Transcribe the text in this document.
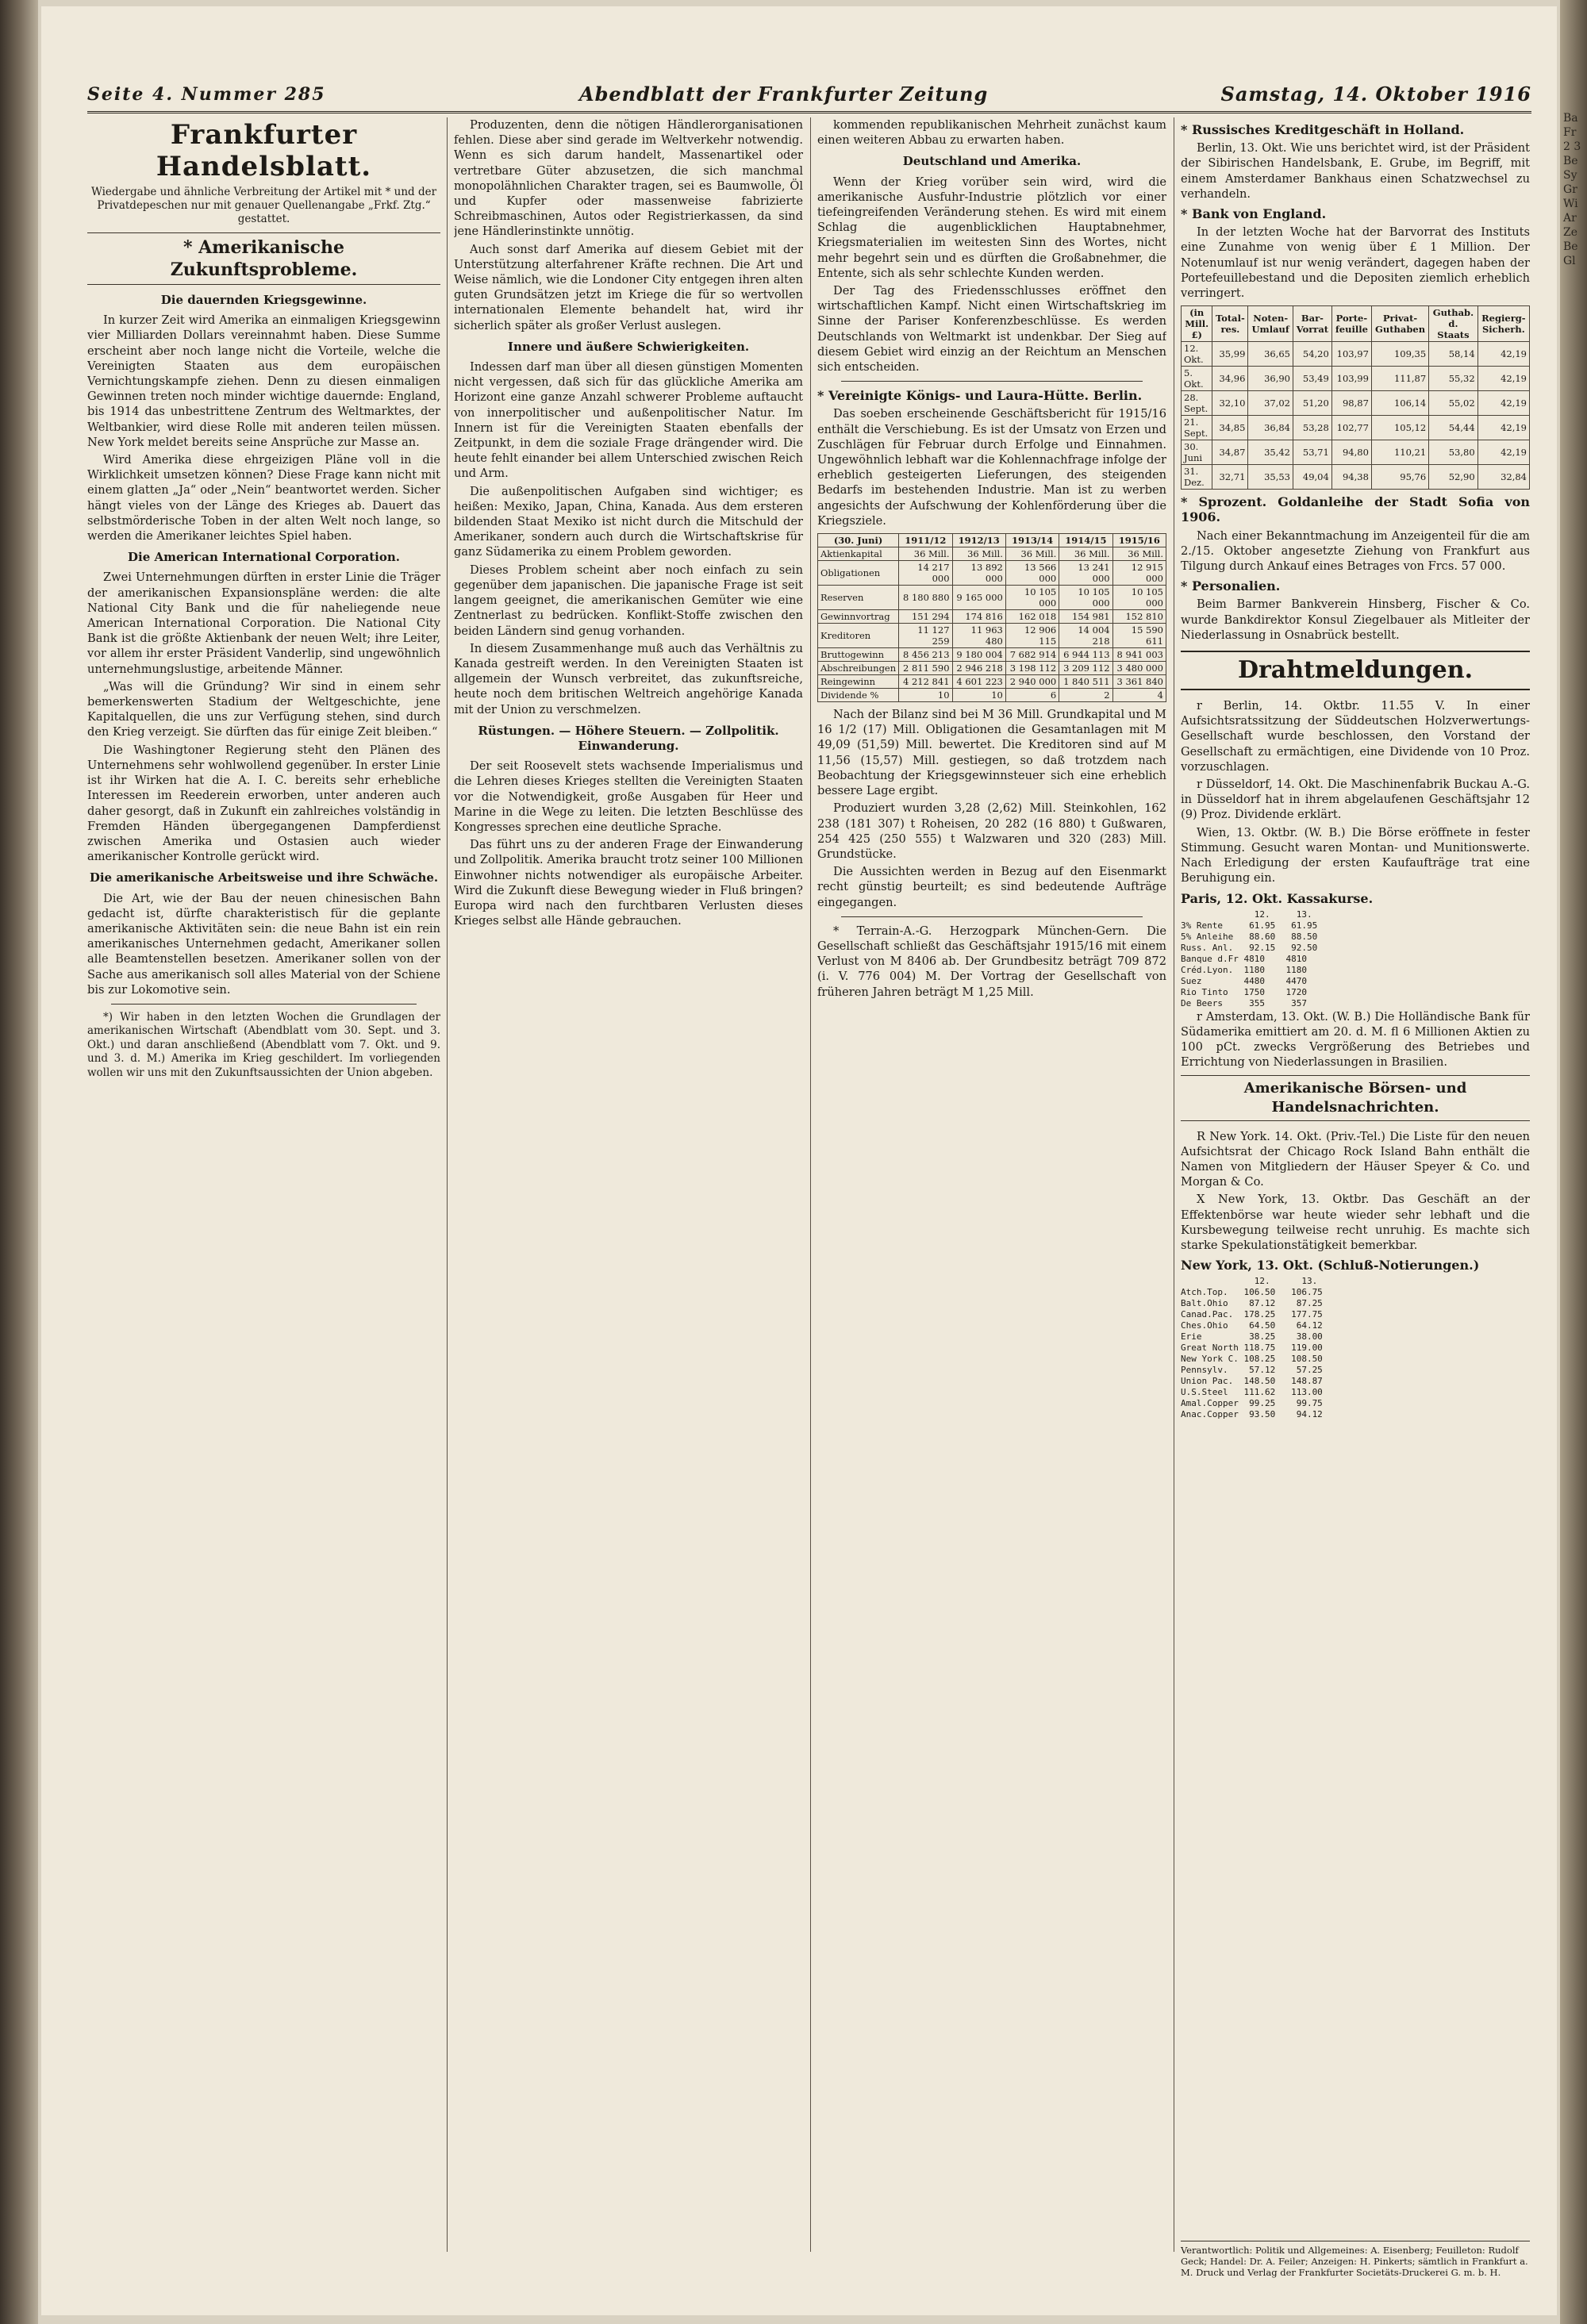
Seite 4. Nummer 285	Abendblatt der Frankfurter Zeitung	Samstag, 14. Oktober 1916
Frankfurter Handelsblatt.
Wiedergabe und ähnliche Verbreitung der Artikel mit * und der Privatdepeschen nur mit genauer Quellenangabe „Frkf. Ztg.“ gestattet.
* Amerikanische Zukunftsprobleme.
Die dauernden Kriegsgewinne.

In kurzer Zeit wird Amerika an einmaligen Kriegsgewinn vier Milliarden Dollars vereinnahmt haben. Diese Summe erscheint aber noch lange nicht die Vorteile, welche die Vereinigten Staaten aus dem europäischen Vernichtungskampfe ziehen. Denn zu diesen einmaligen Gewinnen treten noch minder wichtige dauernde: England, bis 1914 das unbestrittene Zentrum des Weltmarktes, der Weltbankier, wird diese Rolle mit anderen teilen müssen. New York meldet bereits seine Ansprüche zur Masse an.

Wird Amerika diese ehrgeizigen Pläne voll in die Wirklichkeit umsetzen können? Diese Frage kann nicht mit einem glatten „Ja“ oder „Nein“ beantwortet werden. Sicher hängt vieles von der Länge des Krieges ab. Dauert das selbstmörderische Toben in der alten Welt noch lange, so werden die Amerikaner leichtes Spiel haben.

Die American International Corporation.

Zwei Unternehmungen dürften in erster Linie die Träger der amerikanischen Expansionspläne werden: die alte National City Bank und die für naheliegende neue American International Corporation. Die National City Bank ist die größte Aktienbank der neuen Welt; ihre Leiter, vor allem ihr erster Präsident Vanderlip, sind ungewöhnlich unternehmungslustige, arbeitende Männer.

„Was will die Gründung? Wir sind in einem sehr bemerkenswerten Stadium der Weltgeschichte, jene Kapitalquellen, die uns zur Verfügung stehen, sind durch den Krieg verzeigt. Sie dürften das für einige Zeit bleiben.“

Die Washingtoner Regierung steht den Plänen des Unternehmens sehr wohlwollend gegenüber. In erster Linie ist ihr Wirken hat die A. I. C. bereits sehr erhebliche Interessen im Reederein erworben, unter anderen auch daher gesorgt, daß in Zukunft ein zahlreiches volständig in Fremden Händen übergegangenen Dampferdienst zwischen Amerika und Ostasien auch wieder amerikanischer Kontrolle gerückt wird.

Die amerikanische Arbeitsweise und ihre Schwäche.

Die Art, wie der Bau der neuen chinesischen Bahn gedacht ist, dürfte charakteristisch für die geplante amerikanische Aktivitäten sein: die neue Bahn ist ein rein amerikanisches Unternehmen gedacht, Amerikaner sollen alle Beamtenstellen besetzen. Amerikaner sollen von der Sache aus amerikanisch soll alles Material von der Schiene bis zur Lokomotive sein.

*) Wir haben in den letzten Wochen die Grundlagen der amerikanischen Wirtschaft (Abendblatt vom 30. Sept. und 3. Okt.) und daran anschließend (Abendblatt vom 7. Okt. und 9. und 3. d. M.) Amerika im Krieg geschildert. Im vorliegenden wollen wir uns mit den Zukunftsaussichten der Union abgeben.

Produzenten, denn die nötigen Händlerorganisationen fehlen. Diese aber sind gerade im Weltverkehr notwendig. Wenn es sich darum handelt, Massenartikel oder vertretbare Güter abzusetzen, die sich manchmal monopolähnlichen Charakter tragen, sei es Baumwolle, Öl und Kupfer oder massenweise fabrizierte Schreibmaschinen, Autos oder Registrierkassen, da sind jene Händlerinstinkte unnötig.

Auch sonst darf Amerika auf diesem Gebiet mit der Unterstützung alterfahrener Kräfte rechnen. Die Art und Weise nämlich, wie die Londoner City entgegen ihren alten guten Grundsätzen jetzt im Kriege die für so wertvollen internationalen Elemente behandelt hat, wird ihr sicherlich später als großer Verlust auslegen.

Innere und äußere Schwierigkeiten.

Indessen darf man über all diesen günstigen Momenten nicht vergessen, daß sich für das glückliche Amerika am Horizont eine ganze Anzahl schwerer Probleme auftaucht von innerpolitischer und außenpolitischer Natur. Im Innern ist für die Vereinigten Staaten ebenfalls der Zeitpunkt, in dem die soziale Frage drängender wird. Die heute fehlt einander bei allem Unterschied zwischen Reich und Arm.

Die außenpolitischen Aufgaben sind wichtiger; es heißen: Mexiko, Japan, China, Kanada. Aus dem ersteren bildenden Staat Mexiko ist nicht durch die Mitschuld der Amerikaner, sondern auch durch die Wirtschaftskrise für ganz Südamerika zu einem Problem geworden.

Dieses Problem scheint aber noch einfach zu sein gegenüber dem japanischen. Die japanische Frage ist seit langem geeignet, die amerikanischen Gemüter wie eine Zentnerlast zu bedrücken. Konflikt-Stoffe zwischen den beiden Ländern sind genug vorhanden.

In diesem Zusammenhange muß auch das Verhältnis zu Kanada gestreift werden. In den Vereinigten Staaten ist allgemein der Wunsch verbreitet, das zukunftsreiche, heute noch dem britischen Weltreich angehörige Kanada mit der Union zu verschmelzen.

Rüstungen. — Höhere Steuern. — Zollpolitik. Einwanderung.

Der seit Roosevelt stets wachsende Imperialismus und die Lehren dieses Krieges stellten die Vereinigten Staaten vor die Notwendigkeit, große Ausgaben für Heer und Marine in die Wege zu leiten. Die letzten Beschlüsse des Kongresses sprechen eine deutliche Sprache.

Das führt uns zu der anderen Frage der Einwanderung und Zollpolitik. Amerika braucht trotz seiner 100 Millionen Einwohner nichts notwendiger als europäische Arbeiter. Wird die Zukunft diese Bewegung wieder in Fluß bringen? Europa wird nach den furchtbaren Verlusten dieses Krieges selbst alle Hände gebrauchen.

kommenden republikanischen Mehrheit zunächst kaum einen weiteren Abbau zu erwarten haben.

Deutschland und Amerika.

Wenn der Krieg vorüber sein wird, wird die amerikanische Ausfuhr-Industrie plötzlich vor einer tiefeingreifenden Veränderung stehen. Es wird mit einem Schlag die augenblicklichen Hauptabnehmer, Kriegsmaterialien im weitesten Sinn des Wortes, nicht mehr begehrt sein und es dürften die Großabnehmer, die Entente, sich als sehr schlechte Kunden werden.

Der Tag des Friedensschlusses eröffnet den wirtschaftlichen Kampf. Nicht einen Wirtschaftskrieg im Sinne der Pariser Konferenzbeschlüsse. Es werden Deutschlands von Weltmarkt ist undenkbar. Der Sieg auf diesem Gebiet wird einzig an der Reichtum an Menschen sich entscheiden.

* Vereinigte Königs- und Laura-Hütte. Berlin.

Das soeben erscheinende Geschäftsbericht für 1915/16 enthält die Verschiebung. Es ist der Umsatz von Erzen und Zuschlägen für Februar durch Erfolge und Einnahmen. Ungewöhnlich lebhaft war die Kohlennachfrage infolge der erheblich gesteigerten Lieferungen, des steigenden Bedarfs im bestehenden Industrie. Man ist zu werben angesichts der Aufschwung der Kohlenförderung über die Kriegsziele.

(30. Juni)	1911/12	1912/13	1913/14	1914/15	1915/16
Aktienkapital	36 Mill.	36 Mill.	36 Mill.	36 Mill.	36 Mill.
Obligationen	14 217 000	13 892 000	13 566 000	13 241 000	12 915 000
Reserven	8 180 880	9 165 000	10 105 000	10 105 000	10 105 000
Gewinnvortrag	151 294	174 816	162 018	154 981	152 810
Kreditoren	11 127 259	11 963 480	12 906 115	14 004 218	15 590 611
Bruttogewinn	8 456 213	9 180 004	7 682 914	6 944 113	8 941 003
Abschreibungen	2 811 590	2 946 218	3 198 112	3 209 112	3 480 000
Reingewinn	4 212 841	4 601 223	2 940 000	1 840 511	3 361 840
Dividende %	10	10	6	2	4

Nach der Bilanz sind bei M 36 Mill. Grundkapital und M 16 1/2 (17) Mill. Obligationen die Gesamtanlagen mit M 49,09 (51,59) Mill. bewertet. Die Kreditoren sind auf M 11,56 (15,57) Mill. gestiegen, so daß trotzdem nach Beobachtung der Kriegsgewinnsteuer sich eine erheblich bessere Lage ergibt.

Produziert wurden 3,28 (2,62) Mill. Steinkohlen, 162 238 (181 307) t Roheisen, 20 282 (16 880) t Gußwaren, 254 425 (250 555) t Walzwaren und 320 (283) Mill. Grundstücke.

Die Aussichten werden in Bezug auf den Eisenmarkt recht günstig beurteilt; es sind bedeutende Aufträge eingegangen.

* Terrain-A.-G. Herzogpark München-Gern. Die Gesellschaft schließt das Geschäftsjahr 1915/16 mit einem Verlust von M 8406 ab. Der Grundbesitz beträgt 709 872 (i. V. 776 004) M. Der Vortrag der Gesellschaft von früheren Jahren beträgt M 1,25 Mill.

* Russisches Kreditgeschäft in Holland.

Berlin, 13. Okt. Wie uns berichtet wird, ist der Präsident der Sibirischen Handelsbank, E. Grube, im Begriff, mit einem Amsterdamer Bankhaus einen Schatzwechsel zu verhandeln.

* Bank von England.

In der letzten Woche hat der Barvorrat des Instituts eine Zunahme von wenig über £ 1 Million. Der Notenumlauf ist nur wenig verändert, dagegen haben der Portefeuillebestand und die Depositen ziemlich erheblich verringert.

(in Mill. £)	Total-res.	Noten-Umlauf	Bar-Vorrat	Porte-feuille	Privat-Guthaben	Guthab. d. Staats	Regierg-Sicherh.
12. Okt.	35,99	36,65	54,20	103,97	109,35	58,14	42,19
5. Okt.	34,96	36,90	53,49	103,99	111,87	55,32	42,19
28. Sept.	32,10	37,02	51,20	98,87	106,14	55,02	42,19
21. Sept.	34,85	36,84	53,28	102,77	105,12	54,44	42,19
30. Juni	34,87	35,42	53,71	94,80	110,21	53,80	42,19
31. Dez.	32,71	35,53	49,04	94,38	95,76	52,90	32,84
* Sprozent. Goldanleihe der Stadt Sofia von 1906.

Nach einer Bekanntmachung im Anzeigenteil für die am 2./15. Oktober angesetzte Ziehung von Frankfurt aus Tilgung durch Ankauf eines Betrages von Frcs. 57 000.

* Personalien.

Beim Barmer Bankverein Hinsberg, Fischer & Co. wurde Bankdirektor Konsul Ziegelbauer als Mitleiter der Niederlassung in Osnabrück bestellt.

Drahtmeldungen.

r Berlin, 14. Oktbr. 11.55 V. In einer Aufsichtsratssitzung der Süddeutschen Holzverwertungs-Gesellschaft wurde beschlossen, den Vorstand der Gesellschaft zu ermächtigen, eine Dividende von 10 Proz. vorzuschlagen.

r Düsseldorf, 14. Okt. Die Maschinenfabrik Buckau A.-G. in Düsseldorf hat in ihrem abgelaufenen Geschäftsjahr 12 (9) Proz. Dividende erklärt.

Wien, 13. Oktbr. (W. B.) Die Börse eröffnete in fester Stimmung. Gesucht waren Montan- und Munitionswerte. Nach Erledigung der ersten Kaufaufträge trat eine Beruhigung ein.

Paris, 12. Okt. Kassakurse.
12.     13.
3% Rente     61.95   61.95
5% Anleihe   88.60   88.50
Russ. Anl.   92.15   92.50
Banque d.Fr 4810    4810
Créd.Lyon.  1180    1180
Suez        4480    4470
Rio Tinto   1750    1720
De Beers     355     357

r Amsterdam, 13. Okt. (W. B.) Die Holländische Bank für Südamerika emittiert am 20. d. M. fl 6 Millionen Aktien zu 100 pCt. zwecks Vergrößerung des Betriebes und Errichtung von Niederlassungen in Brasilien.

Amerikanische Börsen- und Handelsnachrichten.

R New York. 14. Okt. (Priv.-Tel.) Die Liste für den neuen Aufsichtsrat der Chicago Rock Island Bahn enthält die Namen von Mitgliedern der Häuser Speyer & Co. und Morgan & Co.

X New York, 13. Oktbr. Das Geschäft an der Effektenbörse war heute wieder sehr lebhaft und die Kursbewegung teilweise recht unruhig. Es machte sich starke Spekulationstätigkeit bemerkbar.

New York, 13. Okt. (Schluß-Notierungen.)
12.      13.
Atch.Top.   106.50   106.75
Balt.Ohio    87.12    87.25
Canad.Pac.  178.25   177.75
Ches.Ohio    64.50    64.12
Erie         38.25    38.00
Great North 118.75   119.00
New York C. 108.25   108.50
Pennsylv.    57.12    57.25
Union Pac.  148.50   148.87
U.S.Steel   111.62   113.00
Amal.Copper  99.25    99.75
Anac.Copper  93.50    94.12
Verantwortlich: Politik und Allgemeines: A. Eisenberg; Feuilleton: Rudolf Geck; Handel: Dr. A. Feiler; Anzeigen: H. Pinkerts; sämtlich in Frankfurt a. M. Druck und Verlag der Frankfurter Societäts-Druckerei G. m. b. H.
Ba Fr 2 3 Be Sy Gr Wi Ar Ze Be Gl
